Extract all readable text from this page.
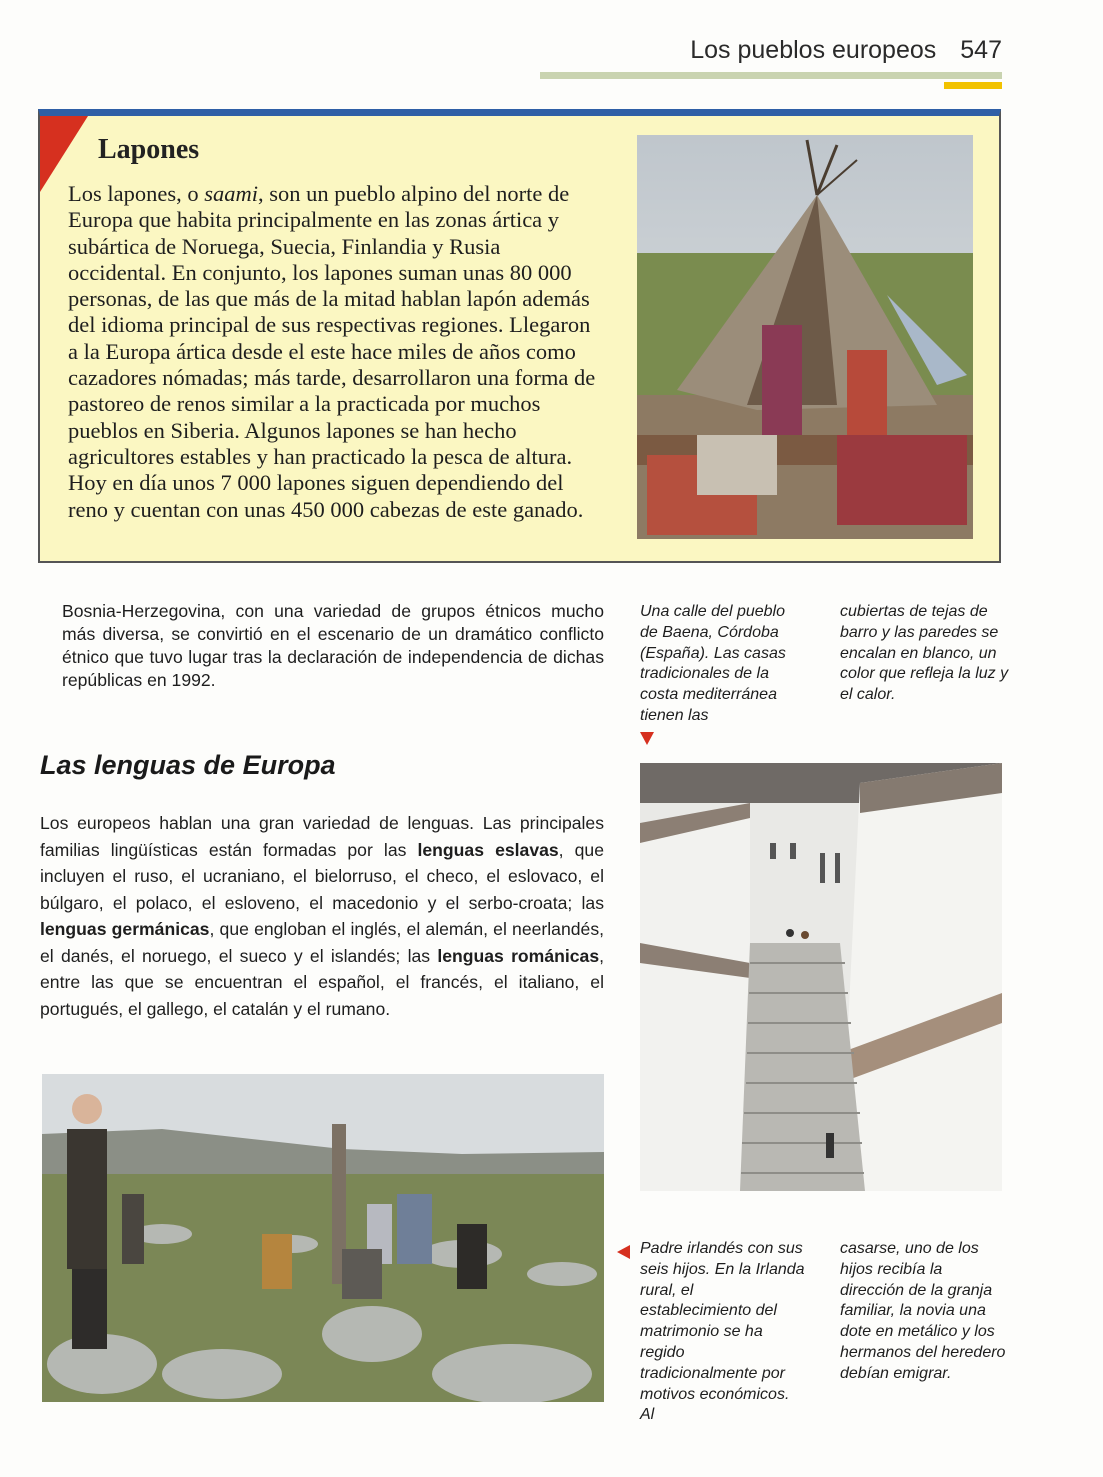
Los pueblos europeos 547
Lapones
Los lapones, o saami, son un pueblo alpino del norte de Europa que habita principalmente en las zonas ártica y subártica de Noruega, Suecia, Finlandia y Rusia occidental. En conjunto, los lapones suman unas 80 000 personas, de las que más de la mitad hablan lapón además del idioma principal de sus respectivas regiones. Llegaron a la Europa ártica desde el este hace miles de años como cazadores nómadas; más tarde, desarrollaron una forma de pastoreo de renos similar a la practicada por muchos pueblos en Siberia. Algunos lapones se han hecho agricultores estables y han practicado la pesca de altura. Hoy en día unos 7 000 lapones siguen dependiendo del reno y cuentan con unas 450 000 cabezas de este ganado.
Bosnia-Herzegovina, con una variedad de grupos étnicos mucho más diversa, se convirtió en el escenario de un dramático conflicto étnico que tuvo lugar tras la declaración de independencia de dichas repúblicas en 1992.
Las lenguas de Europa
Los europeos hablan una gran variedad de lenguas. Las principales familias lingüísticas están formadas por las lenguas eslavas, que incluyen el ruso, el ucraniano, el bielorruso, el checo, el eslovaco, el búlgaro, el polaco, el esloveno, el macedonio y el serbo-croata; las lenguas germánicas, que engloban el inglés, el alemán, el neerlandés, el danés, el noruego, el sueco y el islandés; las lenguas románicas, entre las que se encuentran el español, el francés, el italiano, el portugués, el gallego, el catalán y el rumano.
Una calle del pueblo de Baena, Córdoba (España). Las casas tradicionales de la costa mediterránea tienen las
cubiertas de tejas de barro y las paredes se encalan en blanco, un color que refleja la luz y el calor.
Padre irlandés con sus seis hijos. En la Irlanda rural, el establecimiento del matrimonio se ha regido tradicionalmente por motivos económicos. Al
casarse, uno de los hijos recibía la dirección de la granja familiar, la novia una dote en metálico y los hermanos del heredero debían emigrar.
